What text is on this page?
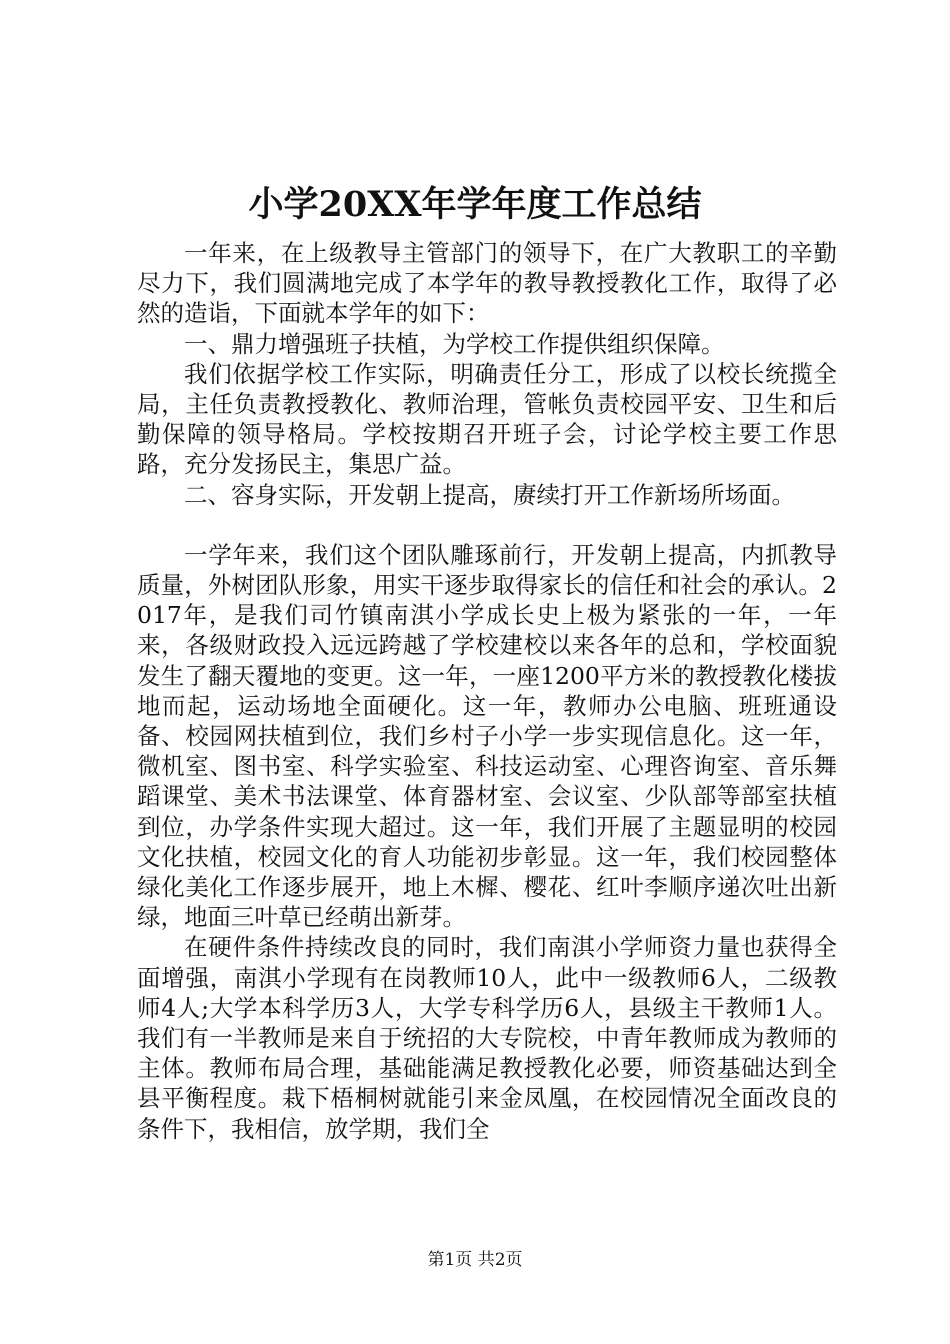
小学20XX年学年度工作总结

一年来，在上级教导主管部门的领导下，在广大教职工的辛勤尽力下，我们圆满地完成了本学年的教导教授教化工作，取得了必然的造诣，下面就本学年的如下：

一、鼎力增强班子扶植，为学校工作提供组织保障。

我们依据学校工作实际，明确责任分工，形成了以校长统揽全局，主任负责教授教化、教师治理，管帐负责校园平安、卫生和后勤保障的领导格局。学校按期召开班子会，讨论学校主要工作思路，充分发扬民主，集思广益。

二、容身实际，开发朝上提高，赓续打开工作新场所场面。

一学年来，我们这个团队雕琢前行，开发朝上提高，内抓教导质量，外树团队形象，用实干逐步取得家长的信任和社会的承认。2017年，是我们司竹镇南淇小学成长史上极为紧张的一年，一年来，各级财政投入远远跨越了学校建校以来各年的总和，学校面貌发生了翻天覆地的变更。这一年，一座1200平方米的教授教化楼拔地而起，运动场地全面硬化。这一年，教师办公电脑、班班通设备、校园网扶植到位，我们乡村子小学一步实现信息化。这一年，微机室、图书室、科学实验室、科技运动室、心理咨询室、音乐舞蹈课堂、美术书法课堂、体育器材室、会议室、少队部等部室扶植到位，办学条件实现大超过。这一年，我们开展了主题显明的校园文化扶植，校园文化的育人功能初步彰显。这一年，我们校园整体绿化美化工作逐步展开，地上木樨、樱花、红叶李顺序递次吐出新绿，地面三叶草已经萌出新芽。

在硬件条件持续改良的同时，我们南淇小学师资力量也获得全面增强，南淇小学现有在岗教师10人，此中一级教师6人，二级教师4人;大学本科学历3人，大学专科学历6人，县级主干教师1人。我们有一半教师是来自于统招的大专院校，中青年教师成为教师的主体。教师布局合理，基础能满足教授教化必要，师资基础达到全县平衡程度。栽下梧桐树就能引来金凤凰，在校园情况全面改良的条件下，我相信，放学期，我们全

第1页 共2页
